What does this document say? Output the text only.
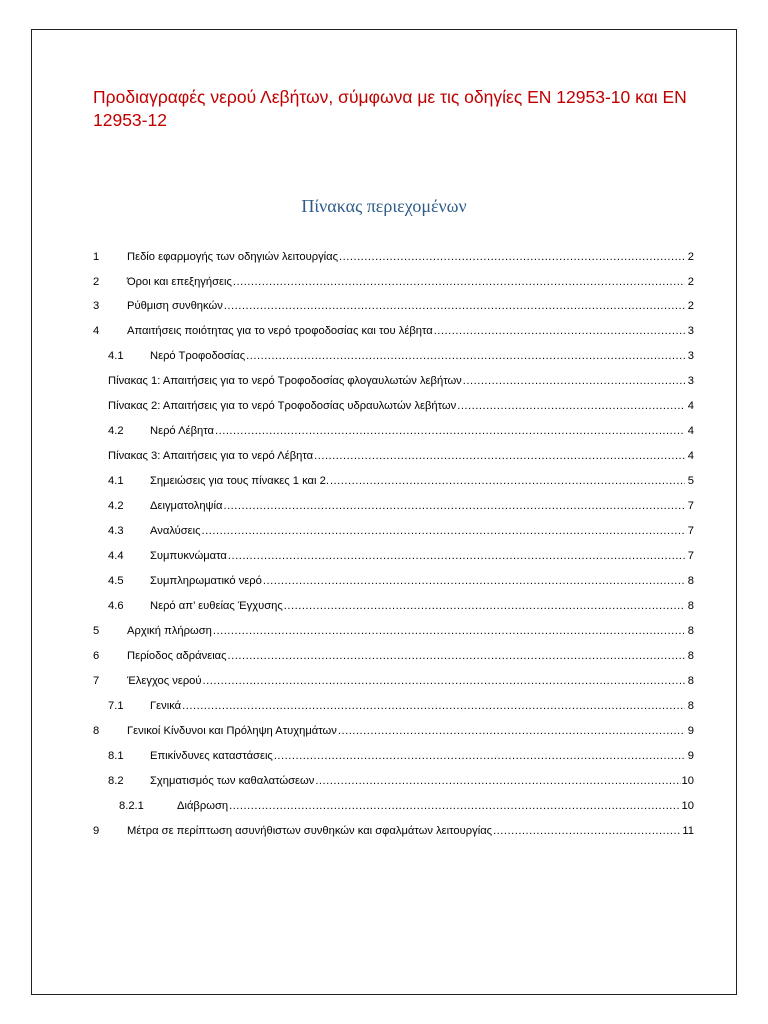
Προδιαγραφές νερού Λεβήτων, σύμφωνα με τις οδηγίες EN 12953-10 και EN 12953-12
Πίνακας περιεχομένων
1	Πεδίο εφαρμογής των οδηγιών λειτουργίας .....	2
2	Όροι και επεξηγήσεις .....	2
3	Ρύθμιση συνθηκών .....	2
4	Απαιτήσεις ποιότητας για το νερό τροφοδοσίας και του λέβητα .....	3
4.1	Νερό Τροφοδοσίας .....	3
Πίνακας 1: Απαιτήσεις για το νερό Τροφοδοσίας φλογαυλωτών λεβήτων .....	3
Πίνακας 2: Απαιτήσεις για το νερό Τροφοδοσίας υδραυλωτών λεβήτων .....	4
4.2	Νερό Λέβητα .....	4
Πίνακας 3: Απαιτήσεις για το νερό Λέβητα .....	4
4.1	Σημειώσεις για τους πίνακες 1 και 2. .....	5
4.2	Δειγματοληψία .....	7
4.3	Αναλύσεις .....	7
4.4	Συμπυκνώματα .....	7
4.5	Συμπληρωματικό νερό .....	8
4.6	Νερό απ’ ευθείας Έγχυσης .....	8
5	Αρχική πλήρωση .....	8
6	Περίοδος αδράνειας .....	8
7	Έλεγχος νερού .....	8
7.1	Γενικά .....	8
8	Γενικοί Κίνδυνοι και Πρόληψη Ατυχημάτων .....	9
8.1	Επικίνδυνες καταστάσεις .....	9
8.2	Σχηματισμός των καθαλατώσεων .....	10
8.2.1	Διάβρωση .....	10
9	Μέτρα σε περίπτωση ασυνήθιστων συνθηκών και σφαλμάτων λειτουργίας .....	11
